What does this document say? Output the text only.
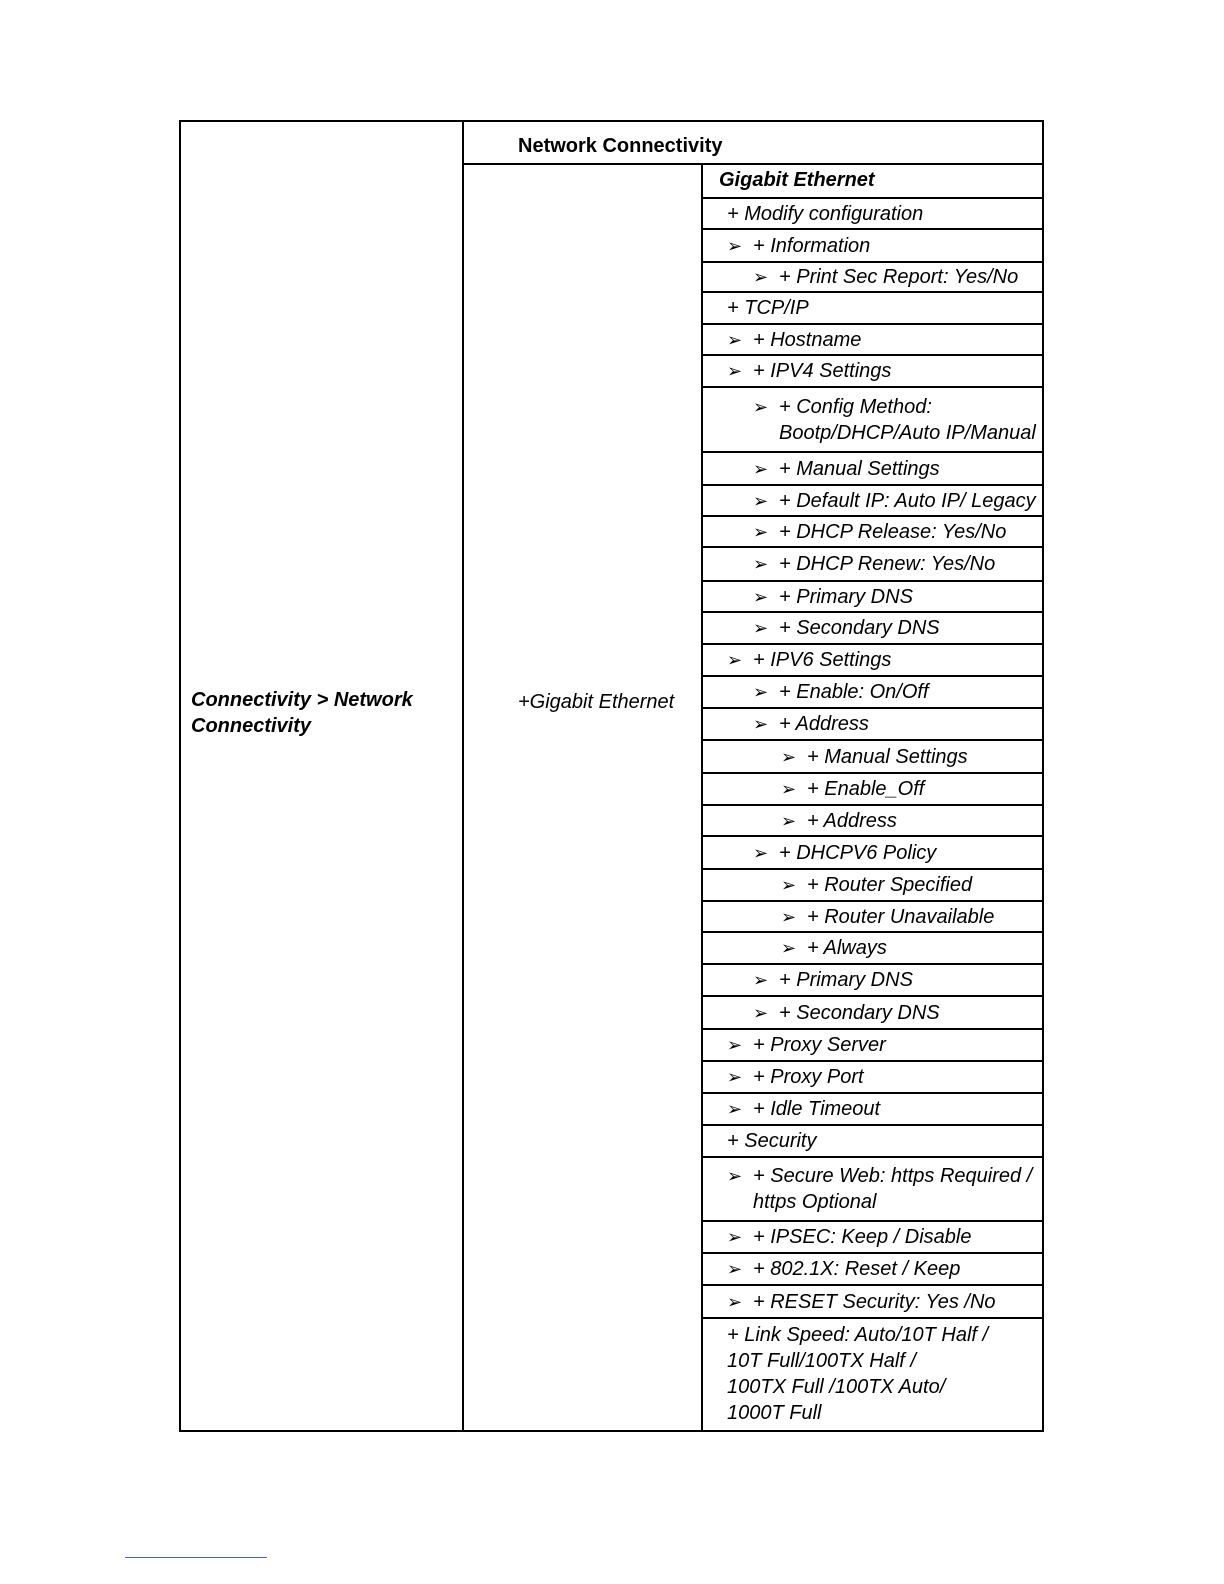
Network Connectivity
Connectivity > Network
Connectivity
+Gigabit Ethernet
Gigabit Ethernet
+ Modify configuration
➢ + Information
➢ + Print Sec Report: Yes/No
+ TCP/IP
➢ + Hostname
➢ + IPV4 Settings
➢ + Config Method:
Bootp/DHCP/Auto IP/Manual
➢ + Manual Settings
➢ + Default IP: Auto IP/ Legacy
➢ + DHCP Release: Yes/No
➢ + DHCP Renew: Yes/No
➢ + Primary DNS
➢ + Secondary DNS
➢ + IPV6 Settings
➢ + Enable: On/Off
➢ + Address
➢ + Manual Settings
➢ + Enable_Off
➢ + Address
➢ + DHCPV6 Policy
➢ + Router Specified
➢ + Router Unavailable
➢ + Always
➢ + Primary DNS
➢ + Secondary DNS
➢ + Proxy Server
➢ + Proxy Port
➢ + Idle Timeout
+ Security
➢ + Secure Web: https Required /
https Optional
➢ + IPSEC: Keep / Disable
➢ + 802.1X: Reset / Keep
➢ + RESET Security: Yes /No
+ Link Speed: Auto/10T Half /
10T Full/100TX Half /
100TX Full /100TX Auto/
1000T Full
